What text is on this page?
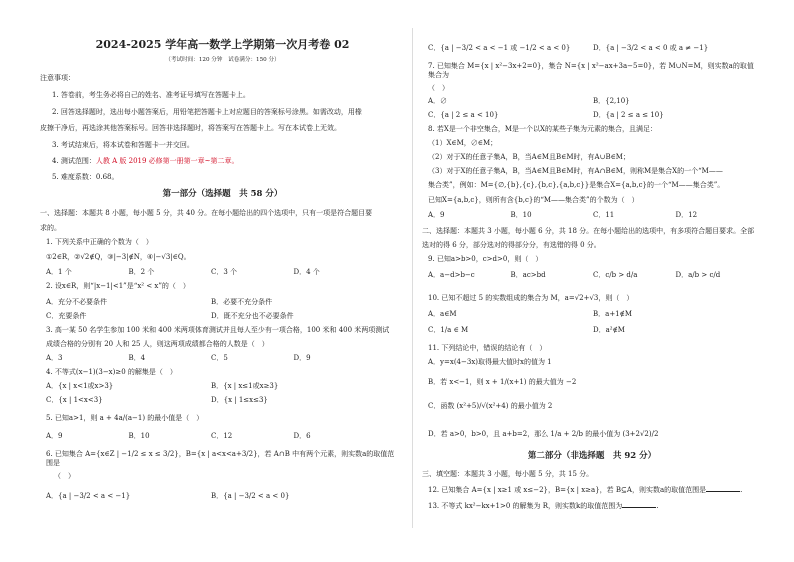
2024-2025 学年高一数学上学期第一次月考卷 02
（考试时间：120 分钟　试卷满分：150 分）
注意事项：
1. 答卷前，考生务必将自己的姓名、准考证号填写在答题卡上。
2. 回答选择题时，选出每小题答案后，用铅笔把答题卡上对应题目的答案标号涂黑。如需改动，用橡
皮擦干净后，再选涂其他答案标号。回答非选择题时，将答案写在答题卡上。写在本试卷上无效。
3. 考试结束后，将本试卷和答题卡一并交回。
4. 测试范围：人教 A 版 2019 必修第一册第一章~第二章。
5. 难度系数：0.68。
第一部分（选择题　共 58 分）
一、选择题：本题共 8 小题，每小题 5 分，共 40 分。在每小题给出的四个选项中，只有一项是符合题目要
求的。
1. 下列关系中正确的个数为（　）
①2∈R，②√2∉Q，③|−3|∉N，④|−√3|∈Q。
A．1 个	B．2 个	C．3 个	D．4 个
2. 设x∈R，则“|x−1|<1”是“x² < x”的（　）
A．充分不必要条件	B．必要不充分条件
C．充要条件	D．既不充分也不必要条件
3. 高一某 50 名学生参加 100 米和 400 米两项体育测试并且每人至少有一项合格，100 米和 400 米两项测试
成绩合格的分别有 20 人和 25 人，则这两项成绩都合格的人数是（　）
A．3	B．4	C．5	D．9
4. 不等式(x−1)(3−x)≥0 的解集是（　）
A．{x | x<1或x>3}	B．{x | x≤1或x≥3}
C．{x | 1<x<3}	D．{x | 1≤x≤3}
5. 已知a>1，则 a + 4a/(a−1) 的最小值是（　）
A．9	B．10	C．12	D．6
6. 已知集合 A={x∈Z | −1/2 ≤ x ≤ 3/2}，B={x | a<x<a+3/2}，若 A∩B 中有两个元素，则实数a的取值范围是
（　）
A．{a | −3/2 < a < −1}	B．{a | −3/2 < a < 0}
C．{a | −3/2 < a < −1 或 −1/2 < a < 0}	D．{a | −3/2 < a < 0 或 a ≠ −1}
7. 已知集合 M={x | x²−3x+2=0}，集合 N={x | x²−ax+3a−5=0}，若 M∪N=M，则实数a的取值集合为
（　）
A．∅	B．{2,10}
C．{a | 2 ≤ a < 10}	D．{a | 2 ≤ a ≤ 10}
8. 若X是一个非空集合，M是一个以X的某些子集为元素的集合，且满足：
（1）X∈M，∅∈M；
（2）对于X的任意子集A，B，当A∈M且B∈M时，有A∪B∈M；
（3）对于X的任意子集A，B，当A∈M且B∈M时，有A∩B∈M，则称M是集合X的一个“M——
集合类”，例如：M={∅,{b},{c},{b,c},{a,b,c}}是集合X={a,b,c}的一个“M——集合类”。
已知X={a,b,c}，则所有含{b,c}的“M——集合类”的个数为（　）
A．9	B．10	C．11	D．12
二、选择题：本题共 3 小题，每小题 6 分，共 18 分。在每小题给出的选项中，有多项符合题目要求。全部
选对的得 6 分，部分选对的得部分分，有选错的得 0 分。
9. 已知a>b>0，c>d>0，则（　）
A．a−d>b−c	B．ac>bd	C．c/b > d/a	D．a/b > c/d
10. 已知不超过 5 的实数组成的集合为 M，a=√2+√3，则（　）
A．a∈M	B．a+1∉M
C．1/a ∈ M	D．a²∉M
11. 下列结论中，错误的结论有（　）
A．y=x(4−3x)取得最大值时x的值为 1
B．若 x<−1，则 x + 1/(x+1) 的最大值为 −2
C．函数 (x²+5)/√(x²+4) 的最小值为 2
D．若 a>0，b>0，且 a+b=2，那么 1/a + 2/b 的最小值为 (3+2√2)/2
第二部分（非选择题　共 92 分）
三、填空题：本题共 3 小题，每小题 5 分，共 15 分。
12. 已知集合 A={x | x≥1 或 x≤−2}，B={x | x≥a}，若 B⊆A，则实数a的取值范围是	.
13. 不等式 kx²−kx+1>0 的解集为 R，则实数k的取值范围为	.
